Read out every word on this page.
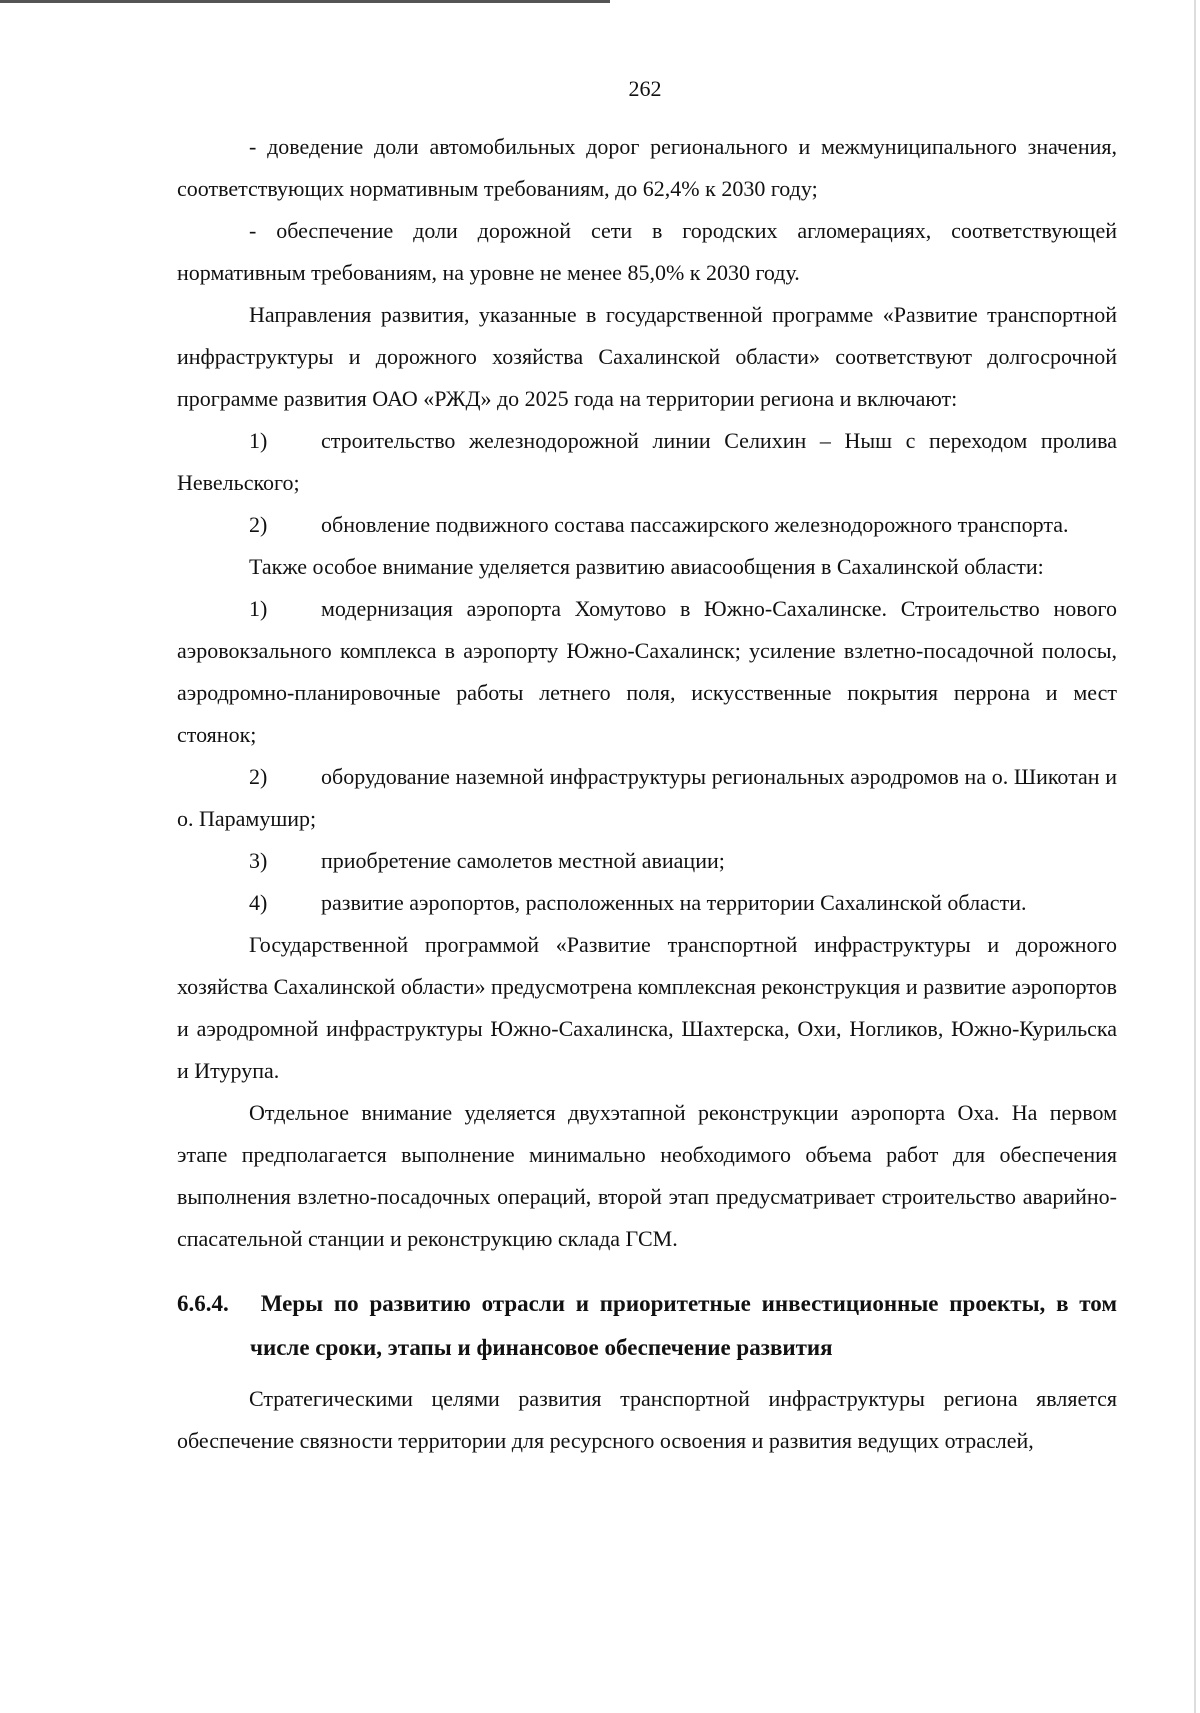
262

- доведение доли автомобильных дорог регионального и межмуниципального значения, соответствующих нормативным требованиям, до 62,4% к 2030 году;

- обеспечение доли дорожной сети в городских агломерациях, соответствующей нормативным требованиям, на уровне не менее 85,0% к 2030 году.

Направления развития, указанные в государственной программе «Развитие транспортной инфраструктуры и дорожного хозяйства Сахалинской области» соответствуют долгосрочной программе развития ОАО «РЖД» до 2025 года на территории региона и включают:

1) строительство железнодорожной линии Селихин – Ныш с переходом пролива Невельского;

2) обновление подвижного состава пассажирского железнодорожного транспорта.

Также особое внимание уделяется развитию авиасообщения в Сахалинской области:

1) модернизация аэропорта Хомутово в Южно-Сахалинске. Строительство нового аэровокзального комплекса в аэропорту Южно-Сахалинск; усиление взлетно-посадочной полосы, аэродромно-планировочные работы летнего поля, искусственные покрытия перрона и мест стоянок;

2) оборудование наземной инфраструктуры региональных аэродромов на о. Шикотан и о. Парамушир;

3) приобретение самолетов местной авиации;

4) развитие аэропортов, расположенных на территории Сахалинской области.

Государственной программой «Развитие транспортной инфраструктуры и дорожного хозяйства Сахалинской области» предусмотрена комплексная реконструкция и развитие аэропортов и аэродромной инфраструктуры Южно-Сахалинска, Шахтерска, Охи, Ногликов, Южно-Курильска и Итурупа.

Отдельное внимание уделяется двухэтапной реконструкции аэропорта Оха. На первом этапе предполагается выполнение минимально необходимого объема работ для обеспечения выполнения взлетно-посадочных операций, второй этап предусматривает строительство аварийно-спасательной станции и реконструкцию склада ГСМ.

6.6.4. Меры по развитию отрасли и приоритетные инвестиционные проекты, в том числе сроки, этапы и финансовое обеспечение развития

Стратегическими целями развития транспортной инфраструктуры региона является обеспечение связности территории для ресурсного освоения и развития ведущих отраслей,
